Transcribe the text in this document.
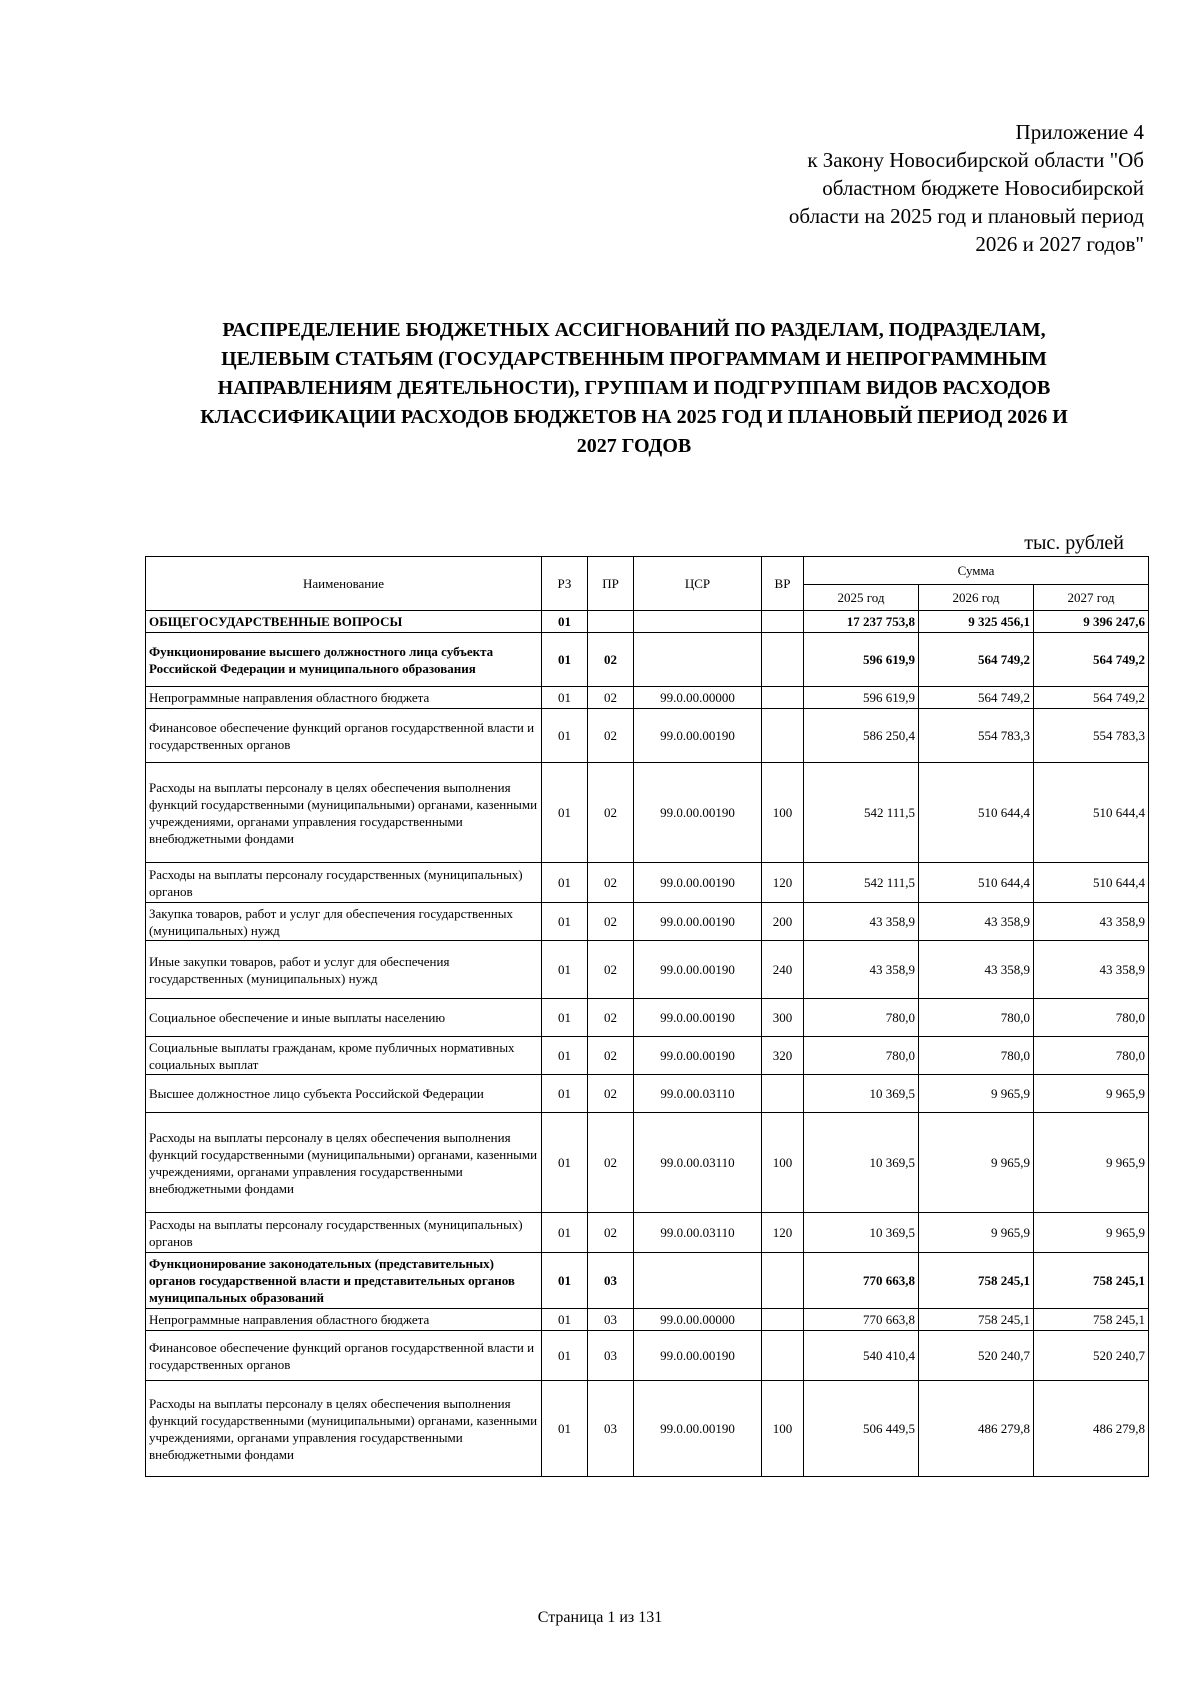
Приложение 4
к Закону Новосибирской области "Об
областном бюджете Новосибирской
области на 2025 год и плановый период
2026 и 2027 годов"
РАСПРЕДЕЛЕНИЕ БЮДЖЕТНЫХ АССИГНОВАНИЙ ПО РАЗДЕЛАМ, ПОДРАЗДЕЛАМ,
ЦЕЛЕВЫМ СТАТЬЯМ (ГОСУДАРСТВЕННЫМ ПРОГРАММАМ И НЕПРОГРАММНЫМ
НАПРАВЛЕНИЯМ ДЕЯТЕЛЬНОСТИ), ГРУППАМ И ПОДГРУППАМ ВИДОВ РАСХОДОВ
КЛАССИФИКАЦИИ РАСХОДОВ БЮДЖЕТОВ НА 2025 ГОД И ПЛАНОВЫЙ ПЕРИОД 2026 И
2027 ГОДОВ
тыс. рублей
Наименование	РЗ	ПР	ЦСР	ВР	Сумма		
					2025 год	2026 год	2027 год
ОБЩЕГОСУДАРСТВЕННЫЕ ВОПРОСЫ	01				17 237 753,8	9 325 456,1	9 396 247,6
Функционирование высшего должностного лица субъекта Российской Федерации и муниципального образования	01	02			596 619,9	564 749,2	564 749,2
Непрограммные направления областного бюджета	01	02	99.0.00.00000		596 619,9	564 749,2	564 749,2
Финансовое обеспечение функций органов государственной власти и государственных органов	01	02	99.0.00.00190		586 250,4	554 783,3	554 783,3
Расходы на выплаты персоналу в целях обеспечения выполнения функций государственными (муниципальными) органами, казенными учреждениями, органами управления государственными внебюджетными фондами	01	02	99.0.00.00190	100	542 111,5	510 644,4	510 644,4
Расходы на выплаты персоналу государственных (муниципальных) органов	01	02	99.0.00.00190	120	542 111,5	510 644,4	510 644,4
Закупка товаров, работ и услуг для обеспечения государственных (муниципальных) нужд	01	02	99.0.00.00190	200	43 358,9	43 358,9	43 358,9
Иные закупки товаров, работ и услуг для обеспечения государственных (муниципальных) нужд	01	02	99.0.00.00190	240	43 358,9	43 358,9	43 358,9
Социальное обеспечение и иные выплаты населению	01	02	99.0.00.00190	300	780,0	780,0	780,0
Социальные выплаты гражданам, кроме публичных нормативных социальных выплат	01	02	99.0.00.00190	320	780,0	780,0	780,0
Высшее должностное лицо субъекта Российской Федерации	01	02	99.0.00.03110		10 369,5	9 965,9	9 965,9
Расходы на выплаты персоналу в целях обеспечения выполнения функций государственными (муниципальными) органами, казенными учреждениями, органами управления государственными внебюджетными фондами	01	02	99.0.00.03110	100	10 369,5	9 965,9	9 965,9
Расходы на выплаты персоналу государственных (муниципальных) органов	01	02	99.0.00.03110	120	10 369,5	9 965,9	9 965,9
Функционирование законодательных (представительных) органов государственной власти и представительных органов муниципальных образований	01	03			770 663,8	758 245,1	758 245,1
Непрограммные направления областного бюджета	01	03	99.0.00.00000		770 663,8	758 245,1	758 245,1
Финансовое обеспечение функций органов государственной власти и государственных органов	01	03	99.0.00.00190		540 410,4	520 240,7	520 240,7
Расходы на выплаты персоналу в целях обеспечения выполнения функций государственными (муниципальными) органами, казенными учреждениями, органами управления государственными внебюджетными фондами	01	03	99.0.00.00190	100	506 449,5	486 279,8	486 279,8
Страница 1 из 131
